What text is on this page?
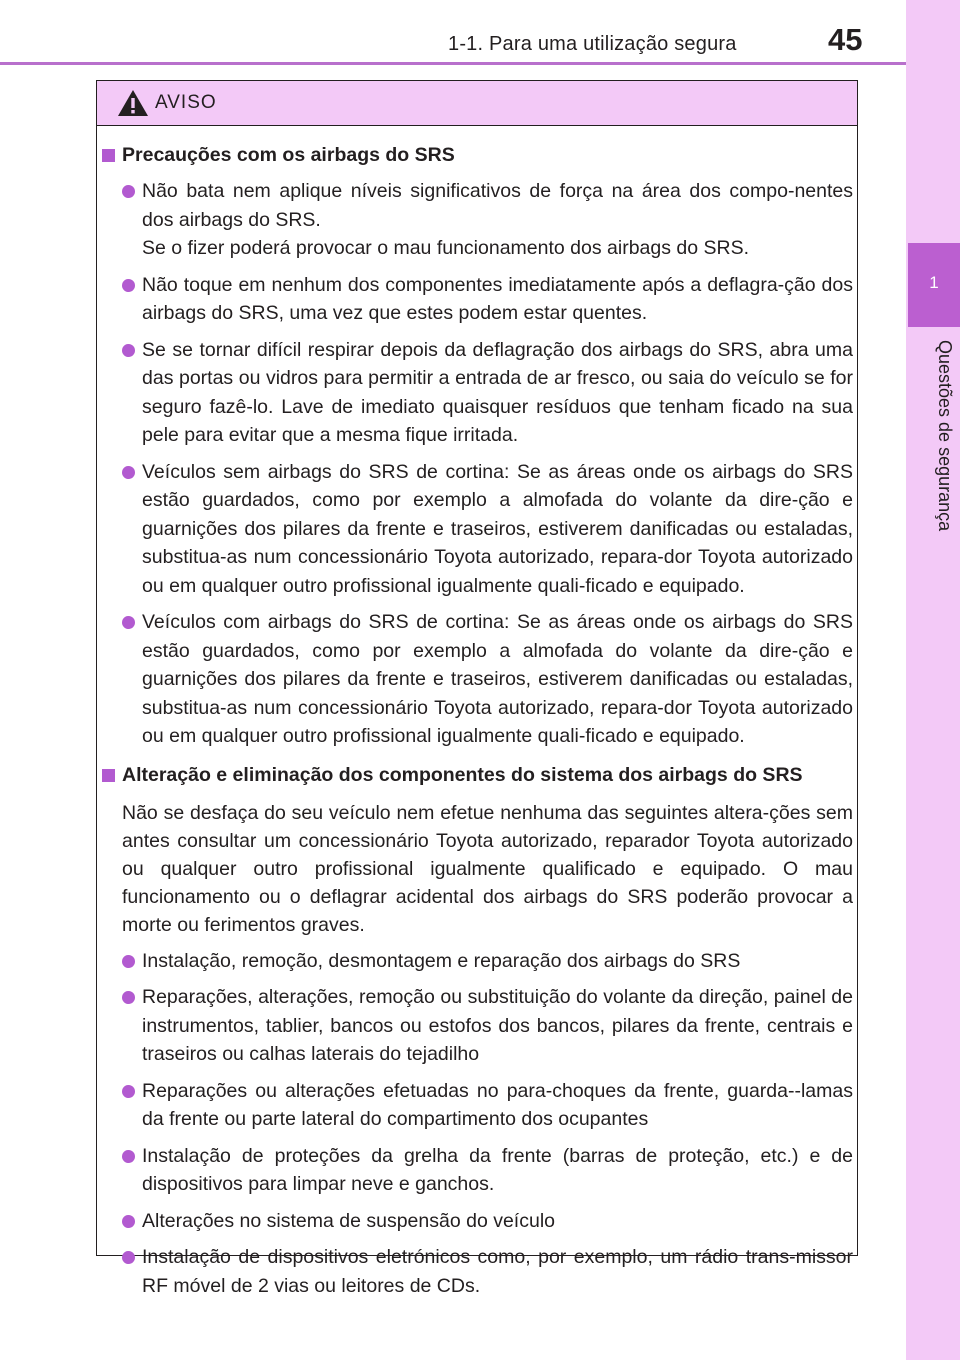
1-1. Para uma utilização segura	45
1
Questões de segurança
AVISO
Precauções com os airbags do SRS

Não bata nem aplique níveis significativos de força na área dos compo-nentes dos airbags do SRS.

Se o fizer poderá provocar o mau funcionamento dos airbags do SRS.

Não toque em nenhum dos componentes imediatamente após a deflagra-ção dos airbags do SRS, uma vez que estes podem estar quentes.

Se se tornar difícil respirar depois da deflagração dos airbags do SRS, abra uma das portas ou vidros para permitir a entrada de ar fresco, ou saia do veículo se for seguro fazê-lo. Lave de imediato quaisquer resíduos que tenham ficado na sua pele para evitar que a mesma fique irritada.

Veículos sem airbags do SRS de cortina: Se as áreas onde os airbags do SRS estão guardados, como por exemplo a almofada do volante da dire-ção e guarnições dos pilares da frente e traseiros, estiverem danificadas ou estaladas, substitua-as num concessionário Toyota autorizado, repara-dor Toyota autorizado ou em qualquer outro profissional igualmente quali-ficado e equipado.

Veículos com airbags do SRS de cortina: Se as áreas onde os airbags do SRS estão guardados, como por exemplo a almofada do volante da dire-ção e guarnições dos pilares da frente e traseiros, estiverem danificadas ou estaladas, substitua-as num concessionário Toyota autorizado, repara-dor Toyota autorizado ou em qualquer outro profissional igualmente quali-ficado e equipado.

Alteração e eliminação dos componentes do sistema dos airbags do SRS
Não se desfaça do seu veículo nem efetue nenhuma das seguintes altera-ções sem antes consultar um concessionário Toyota autorizado, reparador Toyota autorizado ou qualquer outro profissional igualmente qualificado e equipado. O mau funcionamento ou o deflagrar acidental dos airbags do SRS poderão provocar a morte ou ferimentos graves.

Instalação, remoção, desmontagem e reparação dos airbags do SRS

Reparações, alterações, remoção ou substituição do volante da direção, painel de instrumentos, tablier, bancos ou estofos dos bancos, pilares da frente, centrais e traseiros ou calhas laterais do tejadilho

Reparações ou alterações efetuadas no para-choques da frente, guarda--lamas da frente ou parte lateral do compartimento dos ocupantes

Instalação de proteções da grelha da frente (barras de proteção, etc.) e de dispositivos para limpar neve e ganchos.

Alterações no sistema de suspensão do veículo

Instalação de dispositivos eletrónicos como, por exemplo, um rádio trans-missor RF móvel de 2 vias ou leitores de CDs.
